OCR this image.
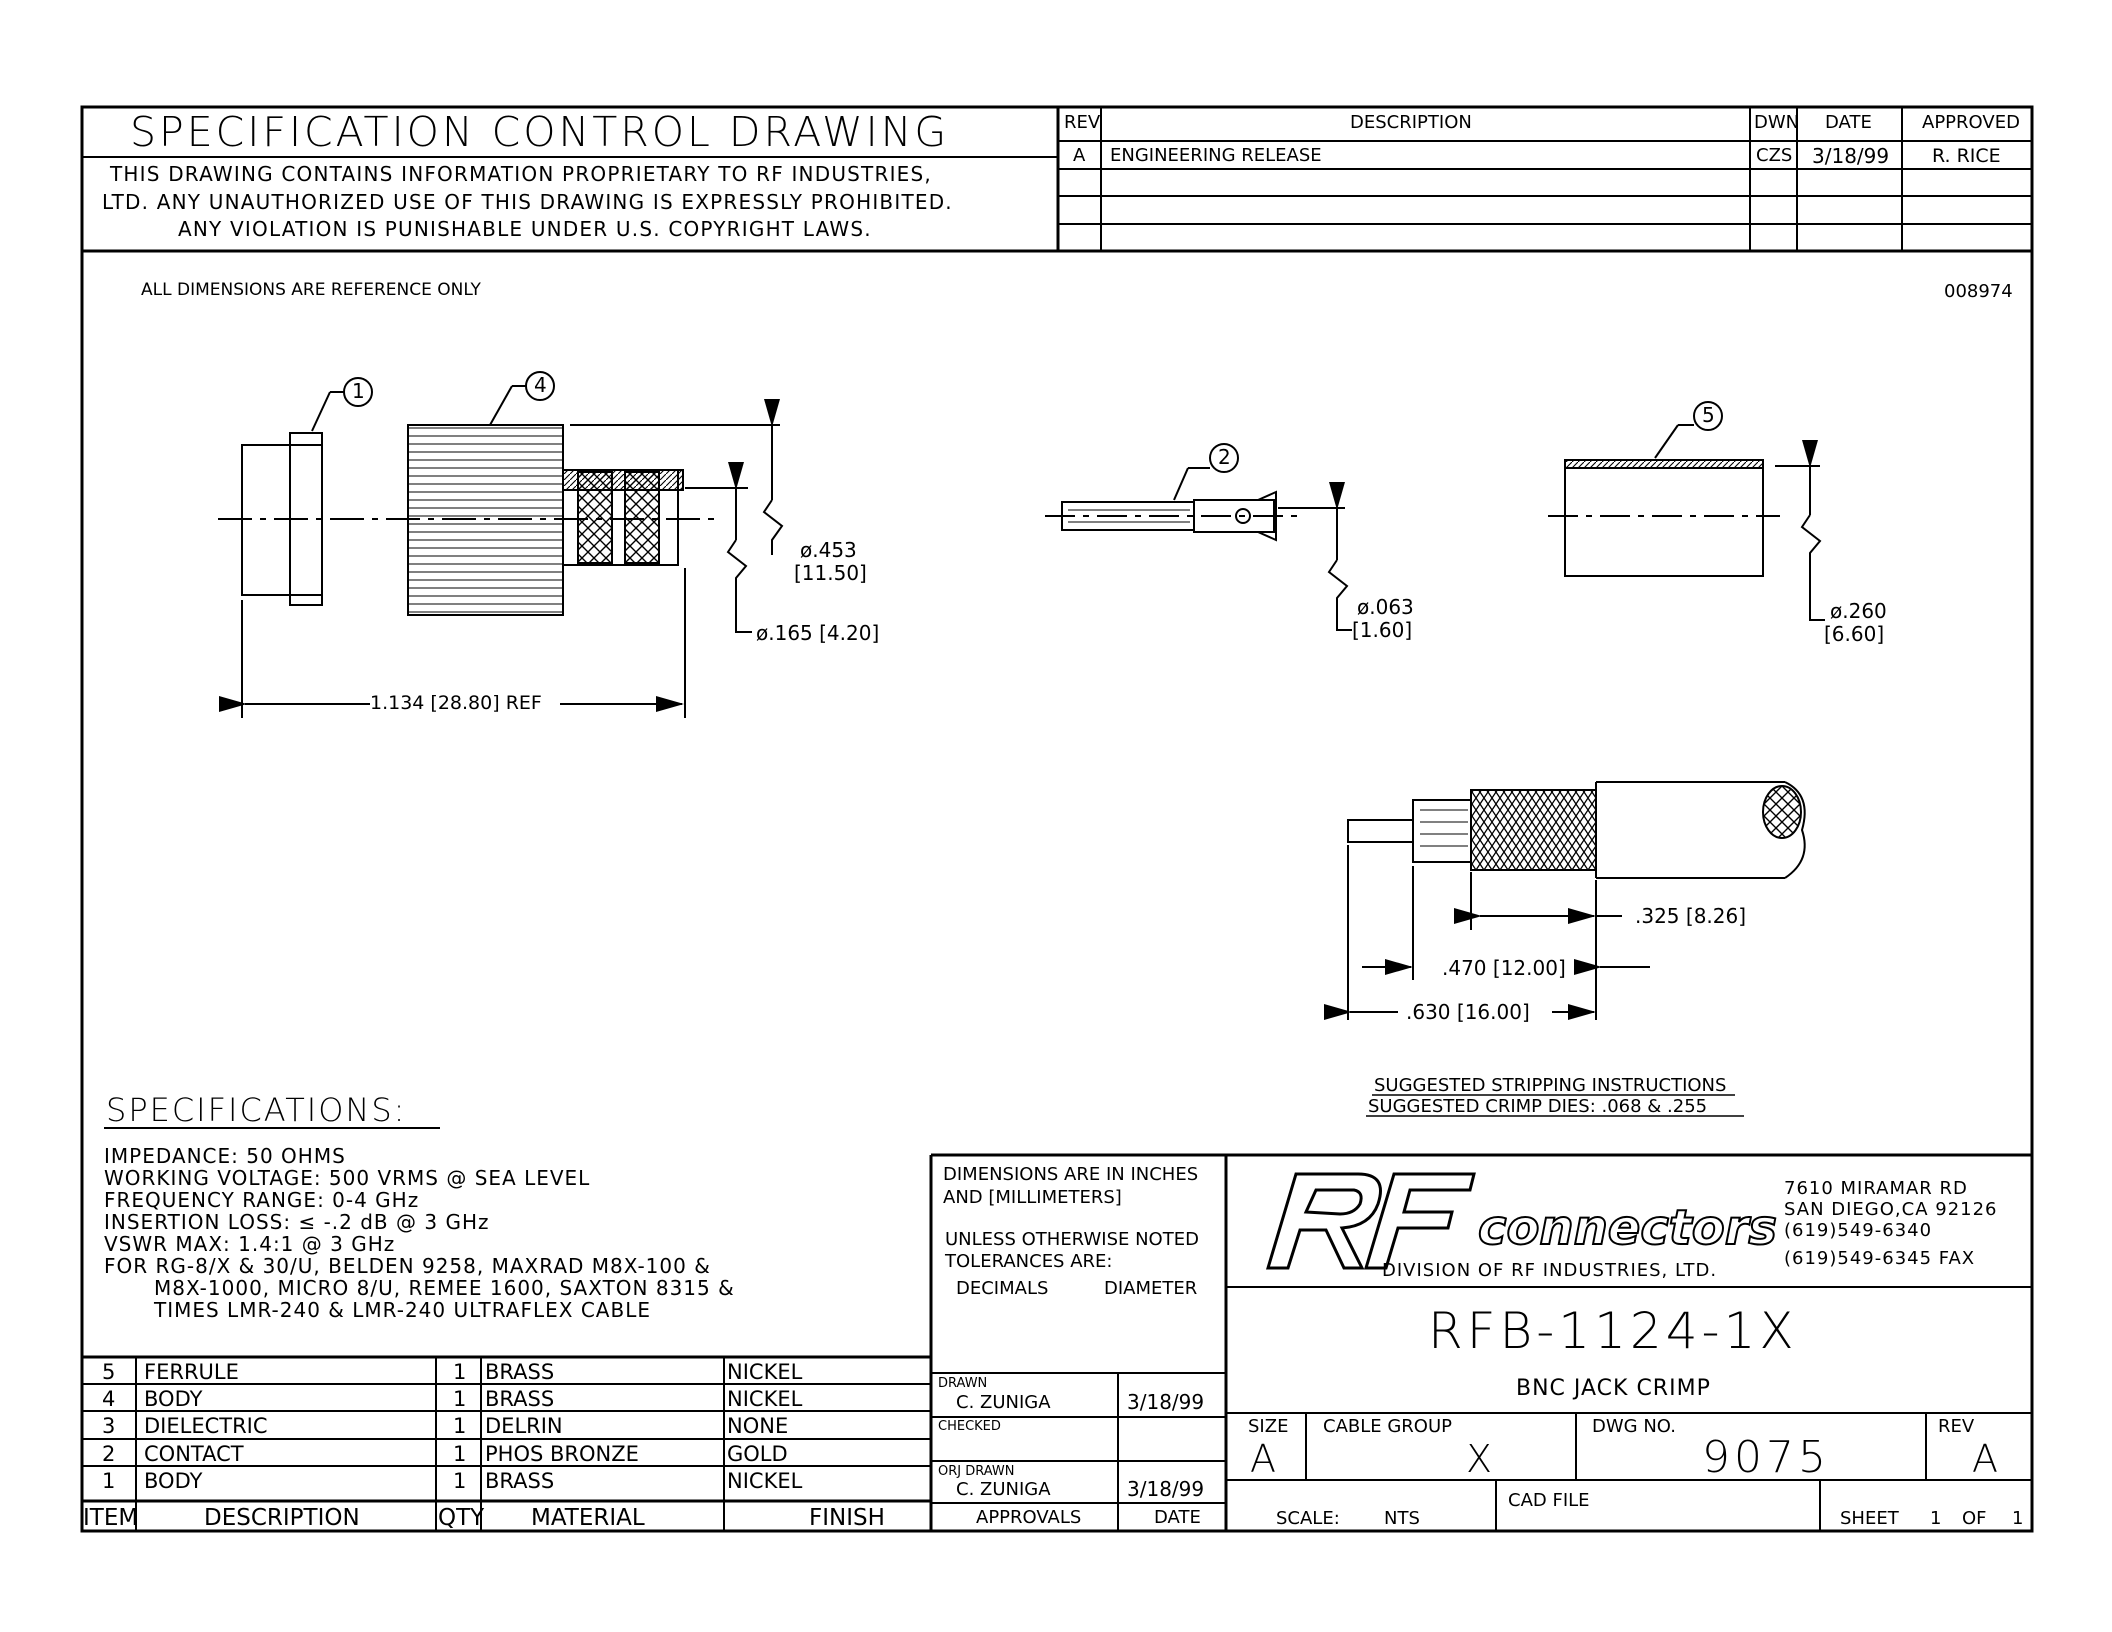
SPECIFICATION CONTROL DRAWING
THIS DRAWING CONTAINS INFORMATION PROPRIETARY TO RF INDUSTRIES,
LTD. ANY UNAUTHORIZED USE OF THIS DRAWING IS EXPRESSLY PROHIBITED.
ANY VIOLATION IS PUNISHABLE UNDER U.S. COPYRIGHT LAWS.
REV	DESCRIPTION	DWN DATE	APPROVED
A ENGINEERING RELEASE	CZS 3/18/99 R. RICE
ALL DIMENSIONS ARE REFERENCE ONLY	008974
1	4
2
5
ø.453
[11.50]
ø.165 [4.20]
1.134 [28.80] REF
ø.063
[1.60]
ø.260
[6.60]
.325 [8.26]
.470 [12.00]
.630 [16.00]
SUGGESTED STRIPPING INSTRUCTIONS
SUGGESTED CRIMP DIES: .068 & .255
SPECIFICATIONS:
IMPEDANCE: 50 OHMS
WORKING VOLTAGE: 500 VRMS @ SEA LEVEL
FREQUENCY RANGE: 0-4 GHz
INSERTION LOSS: ≤ -.2 dB @ 3 GHz
VSWR MAX: 1.4:1 @ 3 GHz
FOR RG-8/X & 30/U, BELDEN 9258, MAXRAD M8X-100 &
M8X-1000, MICRO 8/U, REMEE 1600, SAXTON 8315 &
TIMES LMR-240 & LMR-240 ULTRAFLEX CABLE
5 FERRULE	1 BRASS	NICKEL
4 BODY	1 BRASS	NICKEL
3 DIELECTRIC	1 DELRIN	NONE
2 CONTACT	1 PHOS BRONZE	GOLD
1 BODY	1 BRASS	NICKEL
ITEM	DESCRIPTION	QTY MATERIAL	FINISH
DIMENSIONS ARE IN INCHES
AND [MILLIMETERS]
UNLESS OTHERWISE NOTED
TOLERANCES ARE:
DECIMALS	DIAMETER
DRAWN
C. ZUNIGA	3/18/99
CHECKED
ORJ DRAWN
C. ZUNIGA	3/18/99
APPROVALS	DATE
connectors
DIVISION OF RF INDUSTRIES, LTD.
7610 MIRAMAR RD
SAN DIEGO,CA 92126
(619)549-6340
(619)549-6345 FAX
RFB-1124-1X
BNC JACK CRIMP
SIZE
A
CABLE GROUP
X
DWG NO.
9075
REV
A
CAD FILE
SCALE: NTS	SHEET 1 OF 1
